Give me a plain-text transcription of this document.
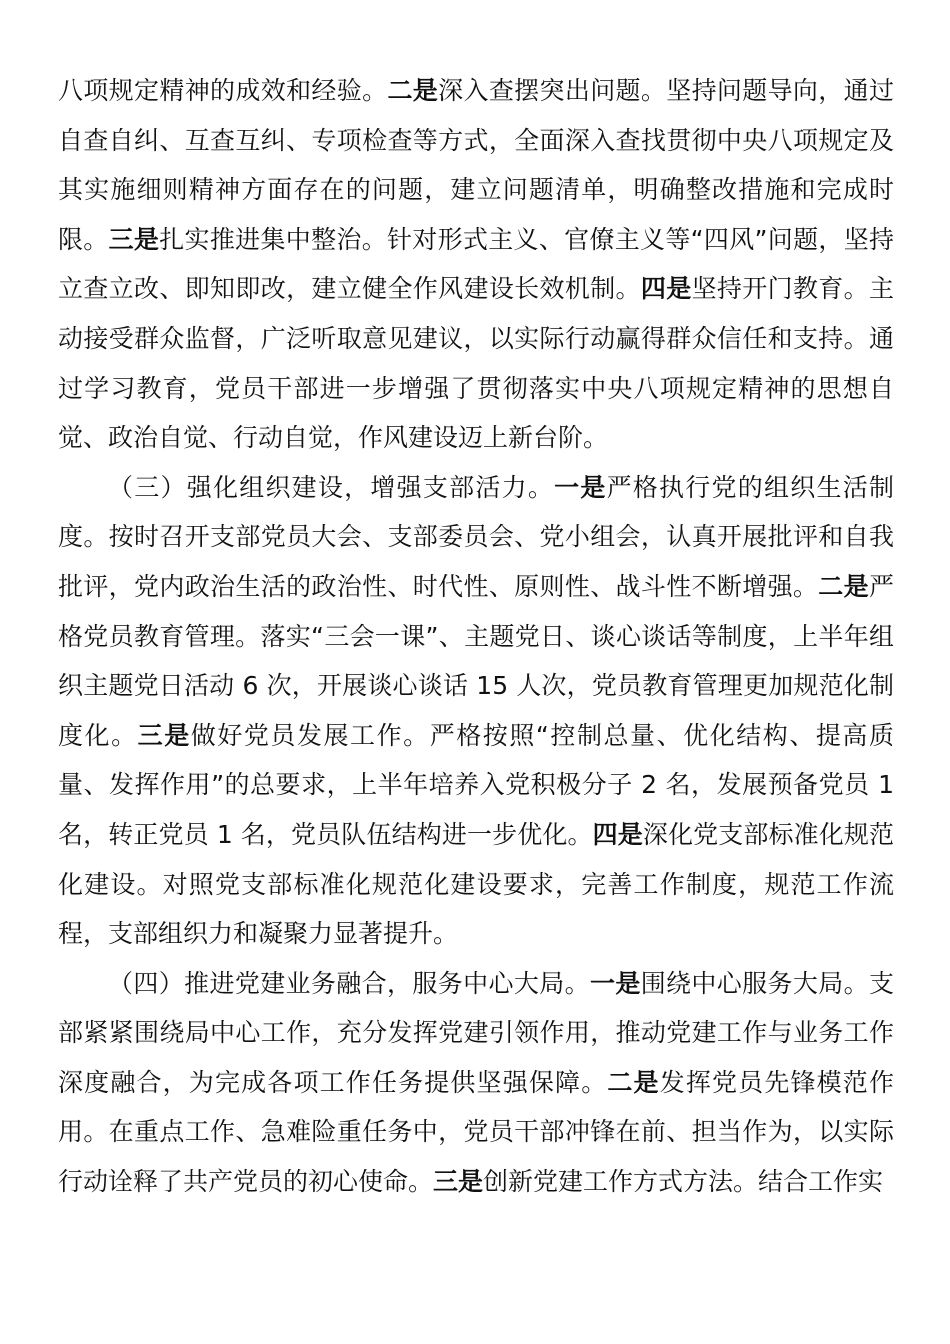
八项规定精神的成效和经验。二是深入查摆突出问题。坚持问题导向，通过自查自纠、互查互纠、专项检查等方式，全面深入查找贯彻中央八项规定及其实施细则精神方面存在的问题，建立问题清单，明确整改措施和完成时限。三是扎实推进集中整治。针对形式主义、官僚主义等“四风”问题，坚持立查立改、即知即改，建立健全作风建设长效机制。四是坚持开门教育。主动接受群众监督，广泛听取意见建议，以实际行动赢得群众信任和支持。通过学习教育，党员干部进一步增强了贯彻落实中央八项规定精神的思想自觉、政治自觉、行动自觉，作风建设迈上新台阶。

（三）强化组织建设，增强支部活力。一是严格执行党的组织生活制度。按时召开支部党员大会、支部委员会、党小组会，认真开展批评和自我批评，党内政治生活的政治性、时代性、原则性、战斗性不断增强。二是严格党员教育管理。落实“三会一课”、主题党日、谈心谈话等制度，上半年组织主题党日活动 6 次，开展谈心谈话 15 人次，党员教育管理更加规范化制度化。三是做好党员发展工作。严格按照“控制总量、优化结构、提高质量、发挥作用”的总要求，上半年培养入党积极分子 2 名，发展预备党员 1 名，转正党员 1 名，党员队伍结构进一步优化。四是深化党支部标准化规范化建设。对照党支部标准化规范化建设要求，完善工作制度，规范工作流程，支部组织力和凝聚力显著提升。

（四）推进党建业务融合，服务中心大局。一是围绕中心服务大局。支部紧紧围绕局中心工作，充分发挥党建引领作用，推动党建工作与业务工作深度融合，为完成各项工作任务提供坚强保障。二是发挥党员先锋模范作用。在重点工作、急难险重任务中，党员干部冲锋在前、担当作为，以实际行动诠释了共产党员的初心使命。三是创新党建工作方式方法。结合工作实
